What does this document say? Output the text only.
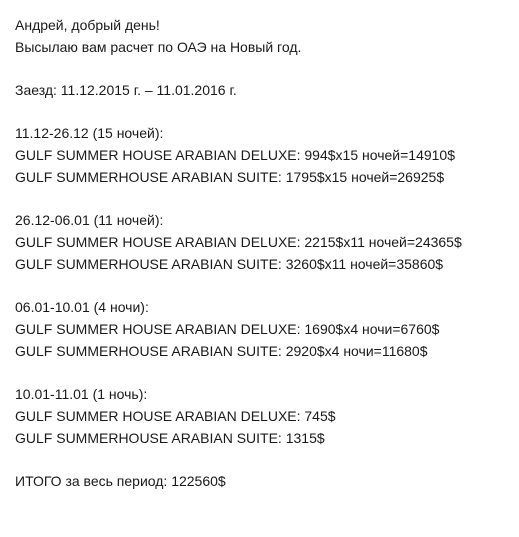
Андрей, добрый день!
Высылаю вам расчет по ОАЭ на Новый год.
Заезд: 11.12.2015 г. – 11.01.2016 г.
11.12-26.12 (15 ночей):
GULF SUMMER HOUSE ARABIAN DELUXE: 994$x15 ночей=14910$
GULF SUMMERHOUSE ARABIAN SUITE: 1795$x15 ночей=26925$
26.12-06.01 (11 ночей):
GULF SUMMER HOUSE ARABIAN DELUXE: 2215$x11 ночей=24365$
GULF SUMMERHOUSE ARABIAN SUITE: 3260$x11 ночей=35860$
06.01-10.01 (4 ночи):
GULF SUMMER HOUSE ARABIAN DELUXE: 1690$x4 ночи=6760$
GULF SUMMERHOUSE ARABIAN SUITE: 2920$x4 ночи=11680$
10.01-11.01 (1 ночь):
GULF SUMMER HOUSE ARABIAN DELUXE: 745$
GULF SUMMERHOUSE ARABIAN SUITE: 1315$
ИТОГО за весь период: 122560$
